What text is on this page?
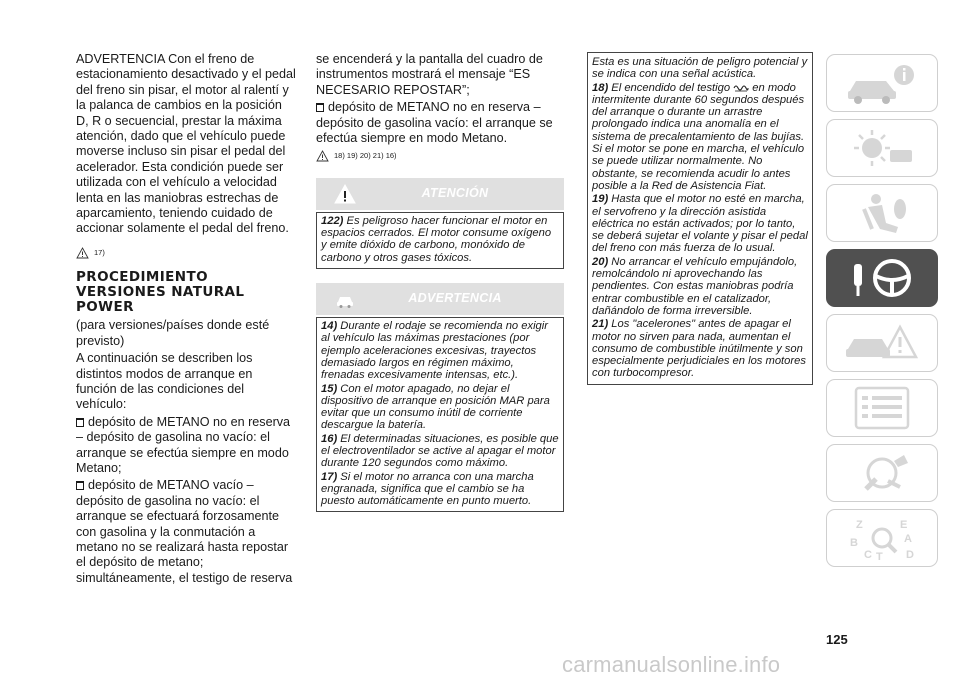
ADVERTENCIA Con el freno de estacionamiento desactivado y el pedal del freno sin pisar, el motor al ralentí y la palanca de cambios en la posición D, R o secuencial, prestar la máxima atención, dado que el vehículo puede moverse incluso sin pisar el pedal del acelerador. Esta condición puede ser utilizada con el vehículo a velocidad lenta en las maniobras estrechas de aparcamiento, teniendo cuidado de accionar solamente el pedal del freno.

17)
PROCEDIMIENTO VERSIONES NATURAL POWER

(para versiones/países donde esté previsto)

A continuación se describen los distintos modos de arranque en función de las condiciones del vehículo:

depósito de METANO no en reserva – depósito de gasolina no vacío: el arranque se efectúa siempre en modo Metano;

depósito de METANO vacío – depósito de gasolina no vacío: el arranque se efectuará forzosamente con gasolina y la conmutación a metano no se realizará hasta repostar el depósito de metano; simultáneamente, el testigo de reserva

se encenderá y la pantalla del cuadro de instrumentos mostrará el mensaje “ES NECESARIO REPOSTAR”;

depósito de METANO no en reserva – depósito de gasolina vacío: el arranque se efectúa siempre en modo Metano.

18) 19) 20) 21) 16)
ATENCIÓN

122) Es peligroso hacer funcionar el motor en espacios cerrados. El motor consume oxígeno y emite dióxido de carbono, monóxido de carbono y otros gases tóxicos.

ADVERTENCIA

14) Durante el rodaje se recomienda no exigir al vehículo las máximas prestaciones (por ejemplo aceleraciones excesivas, trayectos demasiado largos en régimen máximo, frenadas excesivamente intensas, etc.).

15) Con el motor apagado, no dejar el dispositivo de arranque en posición MAR para evitar que un consumo inútil de corriente descargue la batería.

16) El determinadas situaciones, es posible que el electroventilador se active al apagar el motor durante 120 segundos como máximo.

17) Si el motor no arranca con una marcha engranada, significa que el cambio se ha puesto automáticamente en punto muerto.

Esta es una situación de peligro potencial y se indica con una señal acústica.

18) El encendido del testigo en modo intermitente durante 60 segundos después del arranque o durante un arrastre prolongado indica una anomalía en el sistema de precalentamiento de las bujías. Si el motor se pone en marcha, el vehículo se puede utilizar normalmente. No obstante, se recomienda acudir lo antes posible a la Red de Asistencia Fiat.

19) Hasta que el motor no esté en marcha, el servofreno y la dirección asistida eléctrica no están activados; por lo tanto, se deberá sujetar el volante y pisar el pedal del freno con más fuerza de lo usual.

20) No arrancar el vehículo empujándolo, remolcándolo ni aprovechando las pendientes. Con estas maniobras podría entrar combustible en el catalizador, dañándolo de forma irreversible.

21) Los "acelerones" antes de apagar el motor no sirven para nada, aumentan el consumo de combustible inútilmente y son especialmente perjudiciales en los motores con turbocompresor.

Z	E
B	A
C T D
125
carmanualsonline.info
